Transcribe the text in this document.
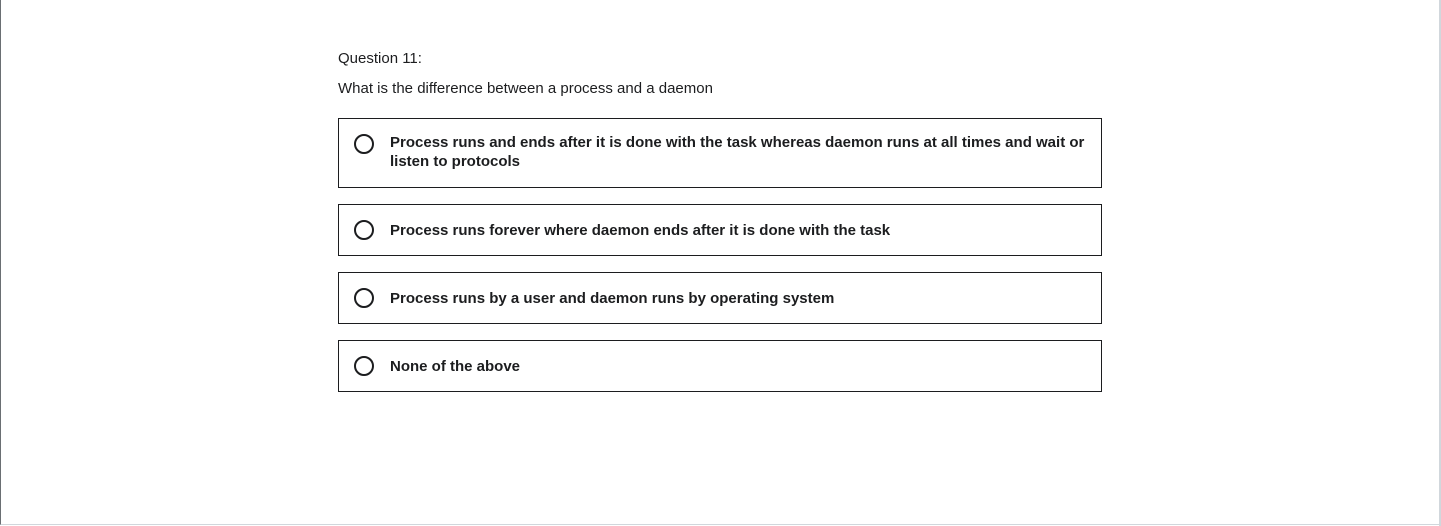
Question 11:
What is the difference between a process and a daemon
Process runs and ends after it is done with the task whereas daemon runs at all times and wait or listen to protocols
Process runs forever where daemon ends after it is done with the task
Process runs by a user and daemon runs by operating system
None of the above
